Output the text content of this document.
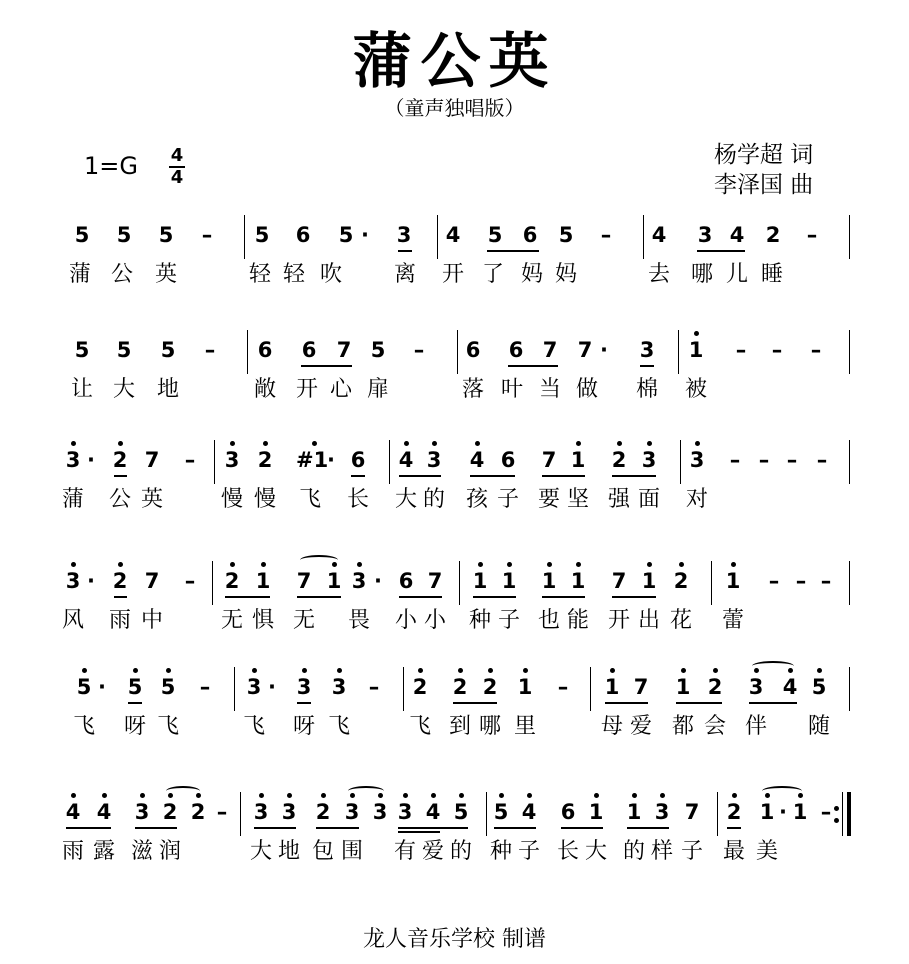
蒲公英
（童声独唱版）
1=G 4
4
杨学超 词
李泽国 曲
5	5	5	–	5	6	5 ·	3	4	5 6	5	–	4	3 4	2	–
蒲 公 英	轻 轻 吹 离 开 了 妈 妈	去 哪 儿 睡
5	5	5	–	6	6 7 5	–	6	6 7 7 ·	3	1	– – –
让 大 地	敞 开 心 扉	落 叶 当 做 棉 被
3 · 2 7	–	3 2	#1
· 6	4 3	4 6	7 1	2 3	3	– – – –
蒲 公 英	慢 慢 飞 长 大 的 孩 子 要 坚 强 面 对
3 · 2 7	–	2 1	7 1 3 · 6 7	1 1	1 1	7 1 2	1	– – –
风 雨 中	无 惧 无 畏 小 小 种 子 也 能 开 出 花 蕾
5 ·	5 5	–	3 · 3 3	–	2	2 2 1	–	1 7	1 2	3 4 5
飞 呀 飞	飞 呀 飞	飞 到 哪 里	母 爱 都 会 伴 随
4 4	3 2 2 –	3 3 2 3 3 3 4 5	5 4	6 1	1 3 7	2 1 · 1 –
雨 露 滋 润	大 地 包 围 有 爱 的 种 子 长 大 的 样 子 最 美
龙人音乐学校 制谱
